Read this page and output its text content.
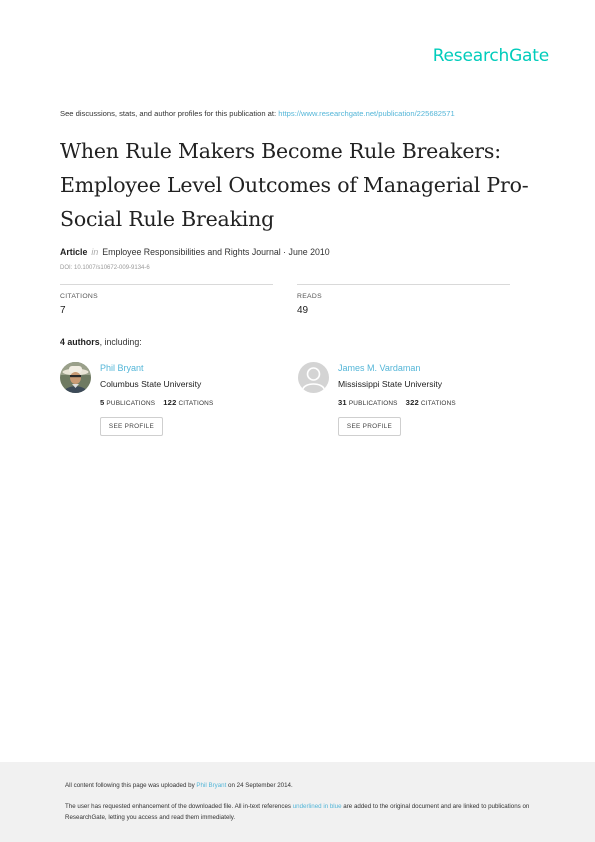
ResearchGate
See discussions, stats, and author profiles for this publication at: https://www.researchgate.net/publication/225682571
When Rule Makers Become Rule Breakers: Employee Level Outcomes of Managerial Pro-Social Rule Breaking
Article in Employee Responsibilities and Rights Journal · June 2010
DOI: 10.1007/s10672-009-9134-6
CITATIONS
7
READS
49
4 authors, including:
Phil Bryant
Columbus State University
5 PUBLICATIONS 122 CITATIONS
SEE PROFILE
James M. Vardaman
Mississippi State University
31 PUBLICATIONS 322 CITATIONS
SEE PROFILE
All content following this page was uploaded by Phil Bryant on 24 September 2014.

The user has requested enhancement of the downloaded file. All in-text references underlined in blue are added to the original document and are linked to publications on ResearchGate, letting you access and read them immediately.
